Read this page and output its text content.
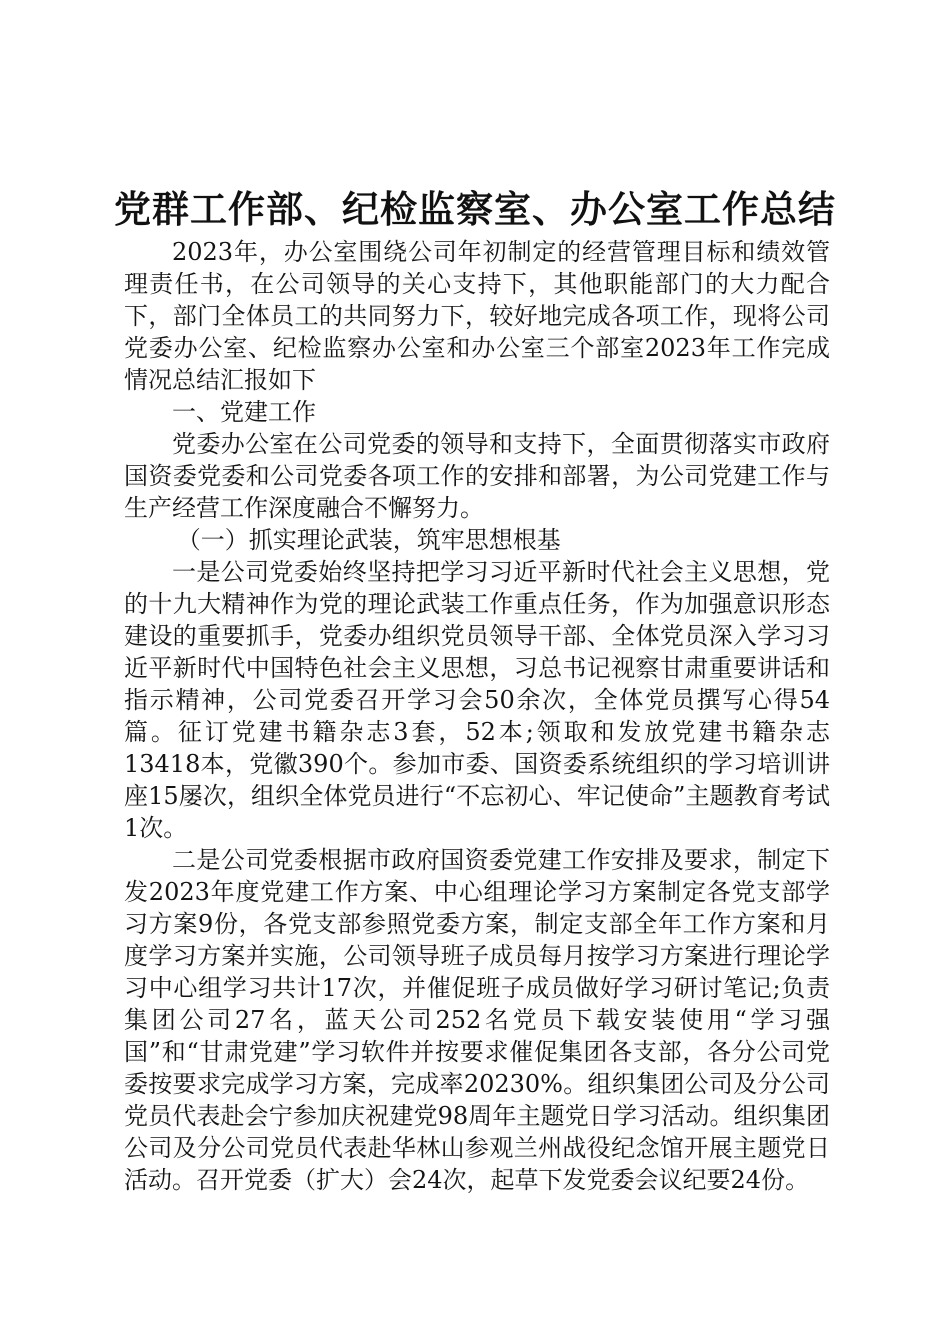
党群工作部、纪检监察室、办公室工作总结

2023年，办公室围绕公司年初制定的经营管理目标和绩效管理责任书，在公司领导的关心支持下，其他职能部门的大力配合下，部门全体员工的共同努力下，较好地完成各项工作，现将公司党委办公室、纪检监察办公室和办公室三个部室2023年工作完成情况总结汇报如下

一、党建工作

党委办公室在公司党委的领导和支持下，全面贯彻落实市政府国资委党委和公司党委各项工作的安排和部署，为公司党建工作与生产经营工作深度融合不懈努力。

（一）抓实理论武装，筑牢思想根基

一是公司党委始终坚持把学习习近平新时代社会主义思想，党的十九大精神作为党的理论武装工作重点任务，作为加强意识形态建设的重要抓手，党委办组织党员领导干部、全体党员深入学习习近平新时代中国特色社会主义思想，习总书记视察甘肃重要讲话和指示精神，公司党委召开学习会50余次，全体党员撰写心得54篇。征订党建书籍杂志3套，52本;领取和发放党建书籍杂志13418本，党徽390个。参加市委、国资委系统组织的学习培训讲座15屡次，组织全体党员进行“不忘初心、牢记使命”主题教育考试1次。

二是公司党委根据市政府国资委党建工作安排及要求，制定下发2023年度党建工作方案、中心组理论学习方案制定各党支部学习方案9份，各党支部参照党委方案，制定支部全年工作方案和月度学习方案并实施，公司领导班子成员每月按学习方案进行理论学习中心组学习共计17次，并催促班子成员做好学习研讨笔记;负责集团公司27名，蓝天公司252名党员下载安装使用“学习强国”和“甘肃党建”学习软件并按要求催促集团各支部，各分公司党委按要求完成学习方案，完成率20230%。组织集团公司及分公司党员代表赴会宁参加庆祝建党98周年主题党日学习活动。组织集团公司及分公司党员代表赴华林山参观兰州战役纪念馆开展主题党日活动。召开党委（扩大）会24次，起草下发党委会议纪要24份。
